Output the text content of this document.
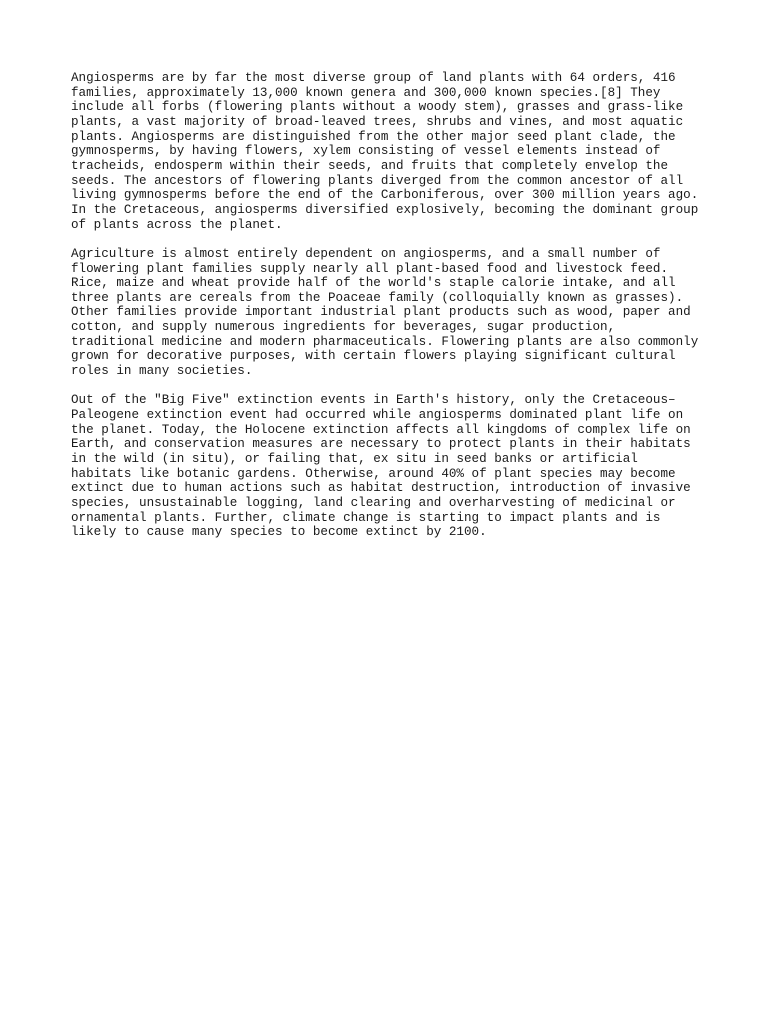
Angiosperms are by far the most diverse group of land plants with 64 orders, 416
families, approximately 13,000 known genera and 300,000 known species.[8] They
include all forbs (flowering plants without a woody stem), grasses and grass-like
plants, a vast majority of broad-leaved trees, shrubs and vines, and most aquatic
plants. Angiosperms are distinguished from the other major seed plant clade, the
gymnosperms, by having flowers, xylem consisting of vessel elements instead of
tracheids, endosperm within their seeds, and fruits that completely envelop the
seeds. The ancestors of flowering plants diverged from the common ancestor of all
living gymnosperms before the end of the Carboniferous, over 300 million years ago.
In the Cretaceous, angiosperms diversified explosively, becoming the dominant group
of plants across the planet.

Agriculture is almost entirely dependent on angiosperms, and a small number of
flowering plant families supply nearly all plant-based food and livestock feed.
Rice, maize and wheat provide half of the world's staple calorie intake, and all
three plants are cereals from the Poaceae family (colloquially known as grasses).
Other families provide important industrial plant products such as wood, paper and
cotton, and supply numerous ingredients for beverages, sugar production,
traditional medicine and modern pharmaceuticals. Flowering plants are also commonly
grown for decorative purposes, with certain flowers playing significant cultural
roles in many societies.

Out of the "Big Five" extinction events in Earth's history, only the Cretaceous–
Paleogene extinction event had occurred while angiosperms dominated plant life on
the planet. Today, the Holocene extinction affects all kingdoms of complex life on
Earth, and conservation measures are necessary to protect plants in their habitats
in the wild (in situ), or failing that, ex situ in seed banks or artificial
habitats like botanic gardens. Otherwise, around 40% of plant species may become
extinct due to human actions such as habitat destruction, introduction of invasive
species, unsustainable logging, land clearing and overharvesting of medicinal or
ornamental plants. Further, climate change is starting to impact plants and is
likely to cause many species to become extinct by 2100.
